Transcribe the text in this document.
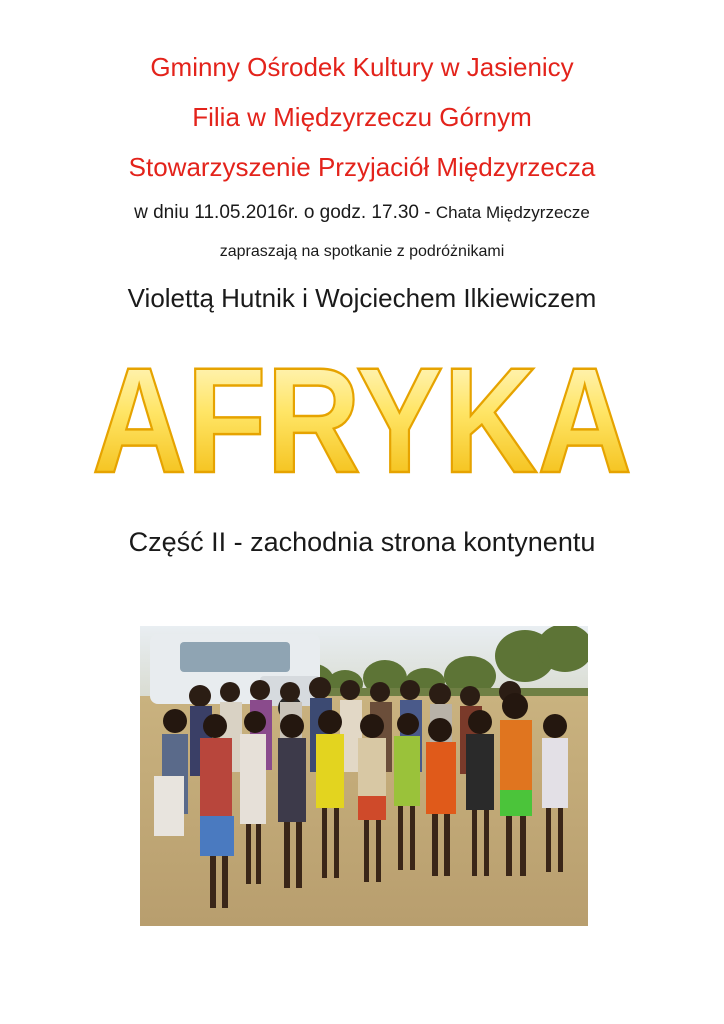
Gminny Ośrodek Kultury w Jasienicy

Filia w Międzyrzeczu Górnym

Stowarzyszenie Przyjaciół Międzyrzecza

w dniu 11.05.2016r. o godz. 17.30 - Chata Międzyrzecze

zapraszają na spotkanie z podróżnikami

Violettą Hutnik i Wojciechem Ilkiewiczem

AFRYKA

Część II - zachodnia strona kontynentu
